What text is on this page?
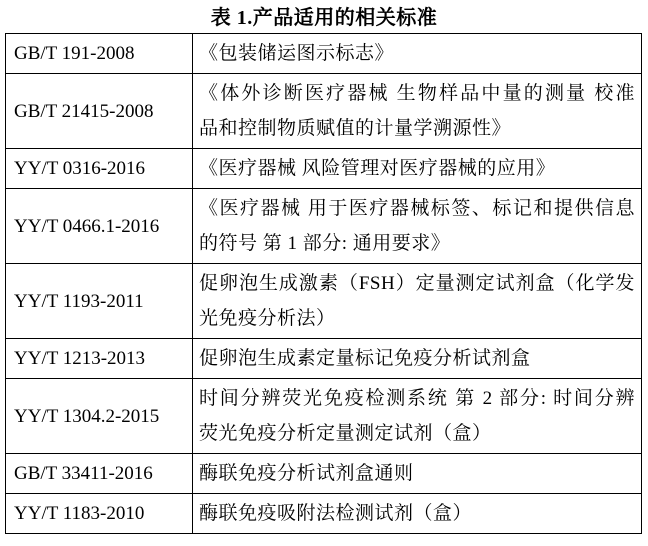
表 1.产品适用的相关标准
GB/T 191-2008	《包装储运图示标志》

GB/T 21415-2008	《体外诊断医疗器械 生物样品中量的测量 校准
品和控制物质赋值的计量学溯源性》

YY/T 0316-2016	《医疗器械 风险管理对医疗器械的应用》

YY/T 0466.1-2016	《医疗器械 用于医疗器械标签、标记和提供信息
的符号 第 1 部分: 通用要求》

YY/T 1193-2011	促卵泡生成激素（FSH）定量测定试剂盒（化学发
光免疫分析法）

YY/T 1213-2013	促卵泡生成素定量标记免疫分析试剂盒

YY/T 1304.2-2015	时间分辨荧光免疫检测系统 第 2 部分: 时间分辨
荧光免疫分析定量测定试剂（盒）

GB/T 33411-2016	酶联免疫分析试剂盒通则

YY/T 1183-2010	酶联免疫吸附法检测试剂（盒）
